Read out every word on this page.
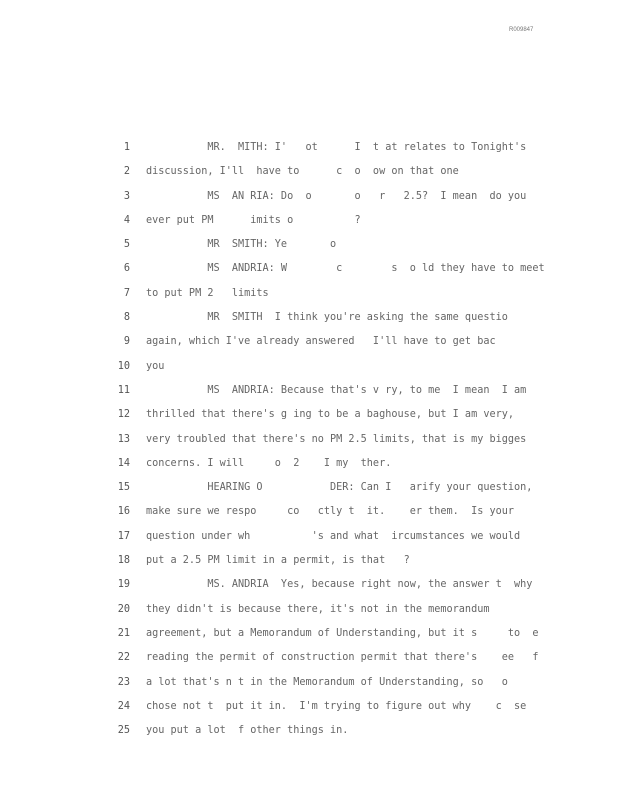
R009847
1 MR.  MITH: I'   ot      I  t at relates to Tonight's
2 discussion, I'll  have to      c  o  ow on that one
3 MS  AN RIA: Do  o       o   r   2.5?  I mean  do you
4 ever put PM      imits o          ?
5 MR  SMITH: Ye       o
6 MS  ANDRIA: W        c        s  o ld they have to meet
7 to put PM 2   limits
8 MR  SMITH  I think you're asking the same questio
9 again, which I've already answered   I'll have to get bac
10 you
11 MS  ANDRIA: Because that's v ry, to me  I mean  I am
12 thrilled that there's g ing to be a baghouse, but I am very,
13 very troubled that there's no PM 2.5 limits, that is my bigges
14 concerns. I will     o  2    I my  ther.
15 HEARING O           DER: Can I   arify your question,
16 make sure we respo     co   ctly t  it.    er them.  Is your
17 question under wh          's and what  ircumstances we would
18 put a 2.5 PM limit in a permit, is that   ?
19 MS. ANDRIA  Yes, because right now, the answer t  why
20 they didn't is because there, it's not in the memorandum
21 agreement, but a Memorandum of Understanding, but it s     to  e
22 reading the permit of construction permit that there's    ee   f
23 a lot that's n t in the Memorandum of Understanding, so   o
24 chose not t  put it in.  I'm trying to figure out why    c  se
25 you put a lot  f other things in.
